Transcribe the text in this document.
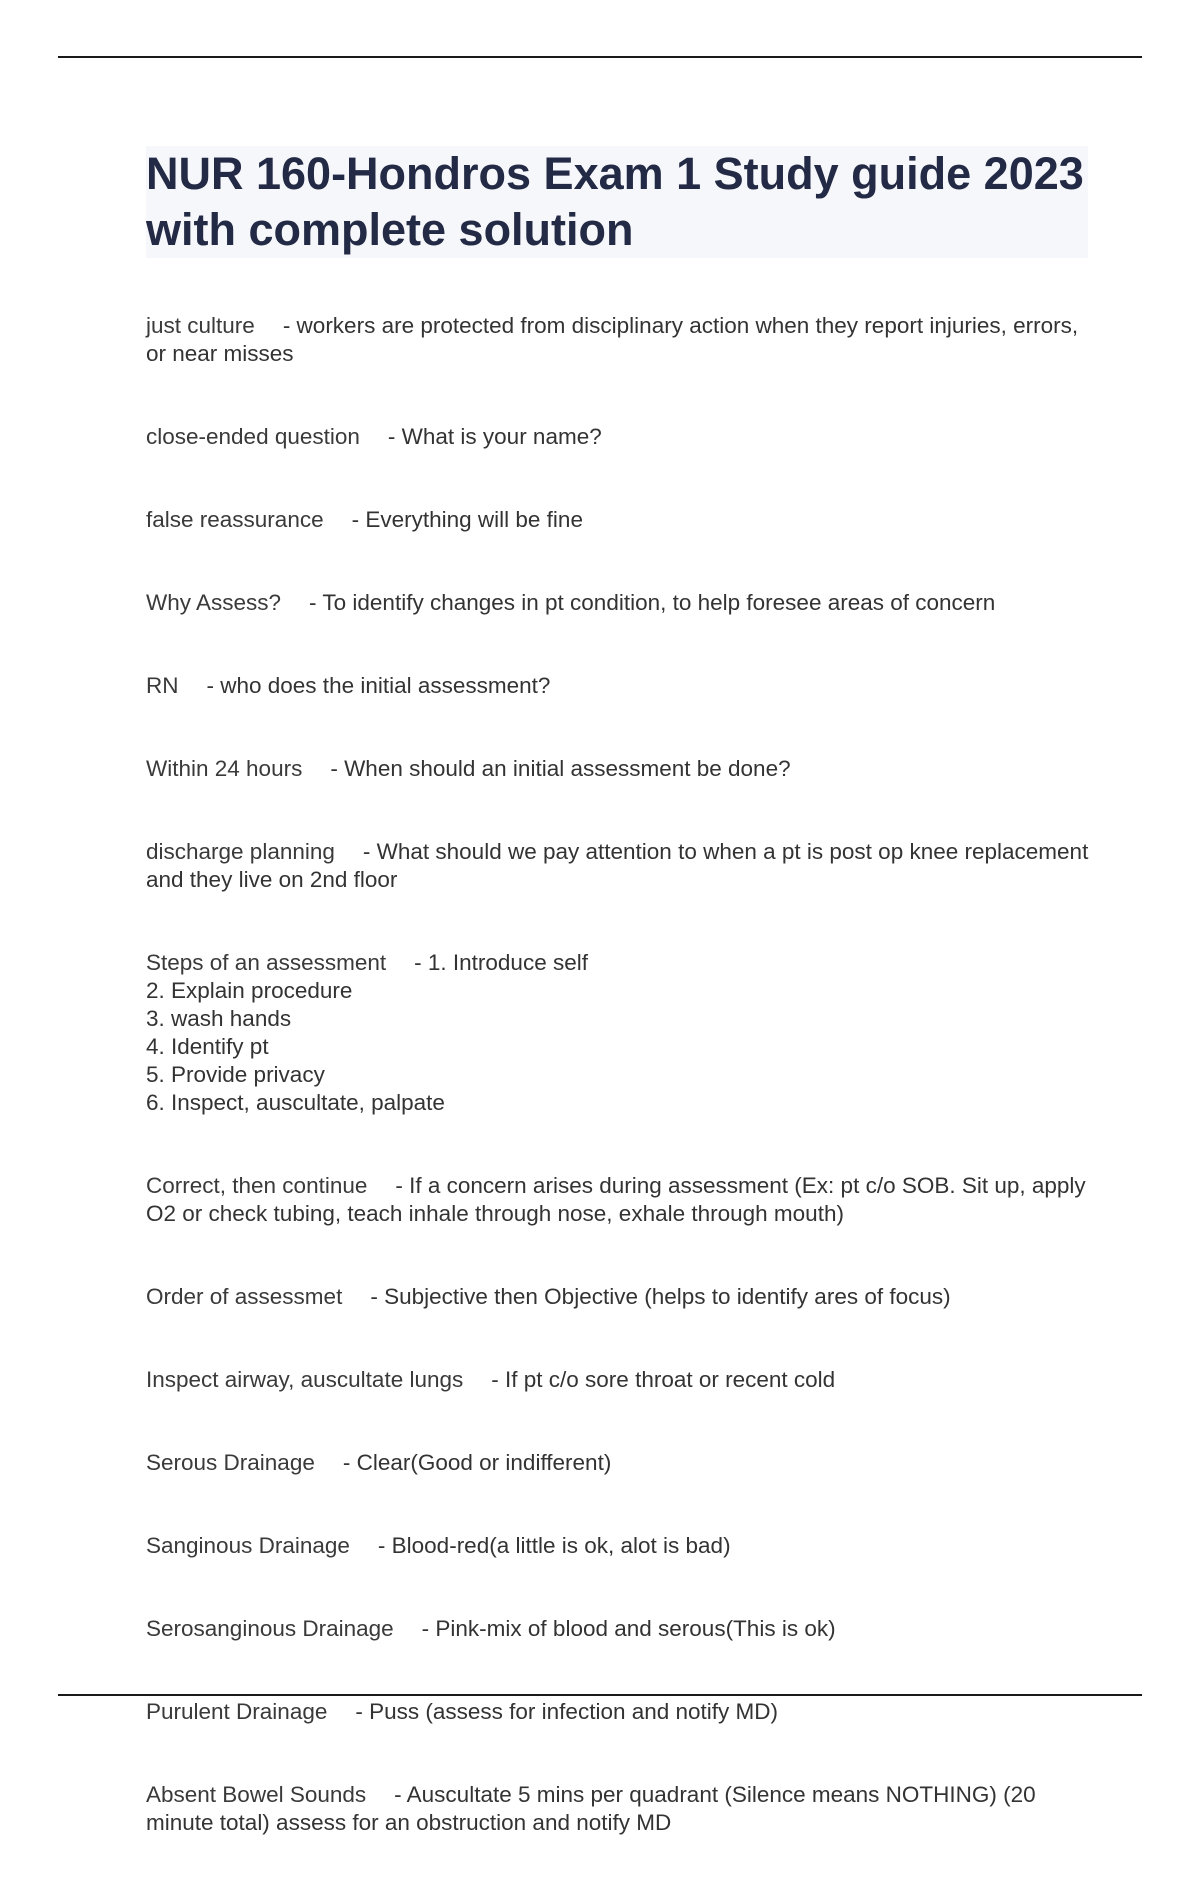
NUR 160-Hondros Exam 1 Study guide 2023 with complete solution
just culture - workers are protected from disciplinary action when they report injuries, errors, or near misses
close-ended question - What is your name?
false reassurance - Everything will be fine
Why Assess? - To identify changes in pt condition, to help foresee areas of concern
RN - who does the initial assessment?
Within 24 hours - When should an initial assessment be done?
discharge planning - What should we pay attention to when a pt is post op knee replacement and they live on 2nd floor
Steps of an assessment - 1. Introduce self
2. Explain procedure
3. wash hands
4. Identify pt
5. Provide privacy
6. Inspect, auscultate, palpate
Correct, then continue - If a concern arises during assessment (Ex: pt c/o SOB. Sit up, apply O2 or check tubing, teach inhale through nose, exhale through mouth)
Order of assessmet - Subjective then Objective (helps to identify ares of focus)
Inspect airway, auscultate lungs - If pt c/o sore throat or recent cold
Serous Drainage - Clear(Good or indifferent)
Sanginous Drainage - Blood-red(a little is ok, alot is bad)
Serosanginous Drainage - Pink-mix of blood and serous(This is ok)
Purulent Drainage - Puss (assess for infection and notify MD)
Absent Bowel Sounds - Auscultate 5 mins per quadrant (Silence means NOTHING) (20 minute total) assess for an obstruction and notify MD
